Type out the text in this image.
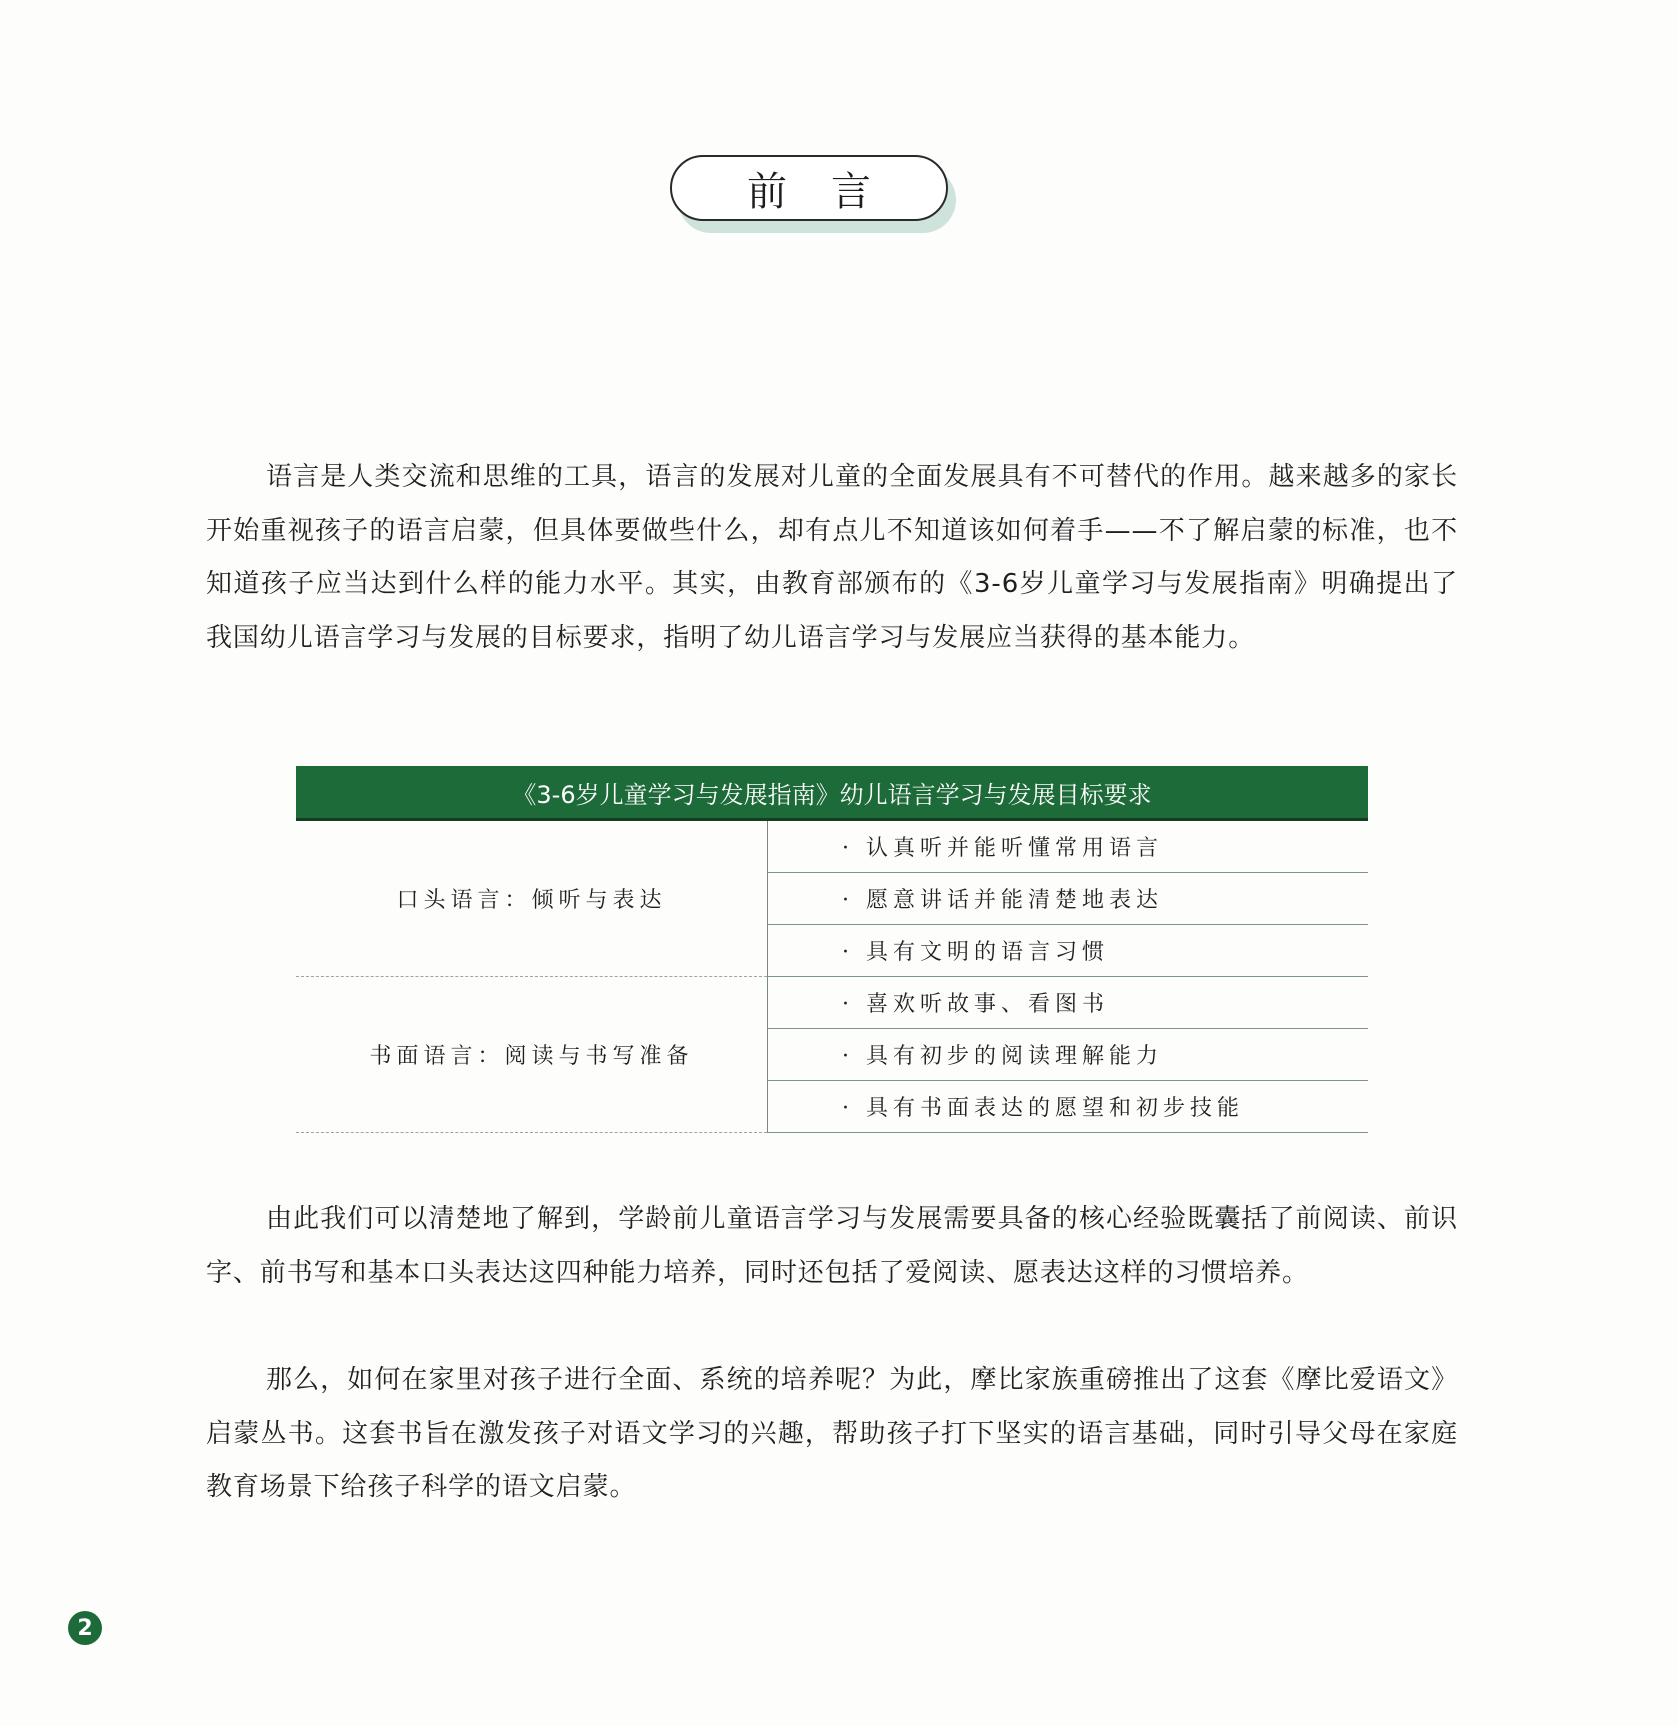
前言

语言是人类交流和思维的工具，语言的发展对儿童的全面发展具有不可替代的作用。越来越多的家长开始重视孩子的语言启蒙，但具体要做些什么，却有点儿不知道该如何着手——不了解启蒙的标准，也不知道孩子应当达到什么样的能力水平。其实，由教育部颁布的《3-6岁儿童学习与发展指南》明确提出了我国幼儿语言学习与发展的目标要求，指明了幼儿语言学习与发展应当获得的基本能力。

《3-6岁儿童学习与发展指南》幼儿语言学习与发展目标要求	
口头语言：倾听与表达	· 认真听并能听懂常用语言
	· 愿意讲话并能清楚地表达
	· 具有文明的语言习惯
书面语言：阅读与书写准备	· 喜欢听故事、看图书
	· 具有初步的阅读理解能力
	· 具有书面表达的愿望和初步技能

由此我们可以清楚地了解到，学龄前儿童语言学习与发展需要具备的核心经验既囊括了前阅读、前识字、前书写和基本口头表达这四种能力培养，同时还包括了爱阅读、愿表达这样的习惯培养。

那么，如何在家里对孩子进行全面、系统的培养呢？为此，摩比家族重磅推出了这套《摩比爱语文》启蒙丛书。这套书旨在激发孩子对语文学习的兴趣，帮助孩子打下坚实的语言基础，同时引导父母在家庭教育场景下给孩子科学的语文启蒙。

2
